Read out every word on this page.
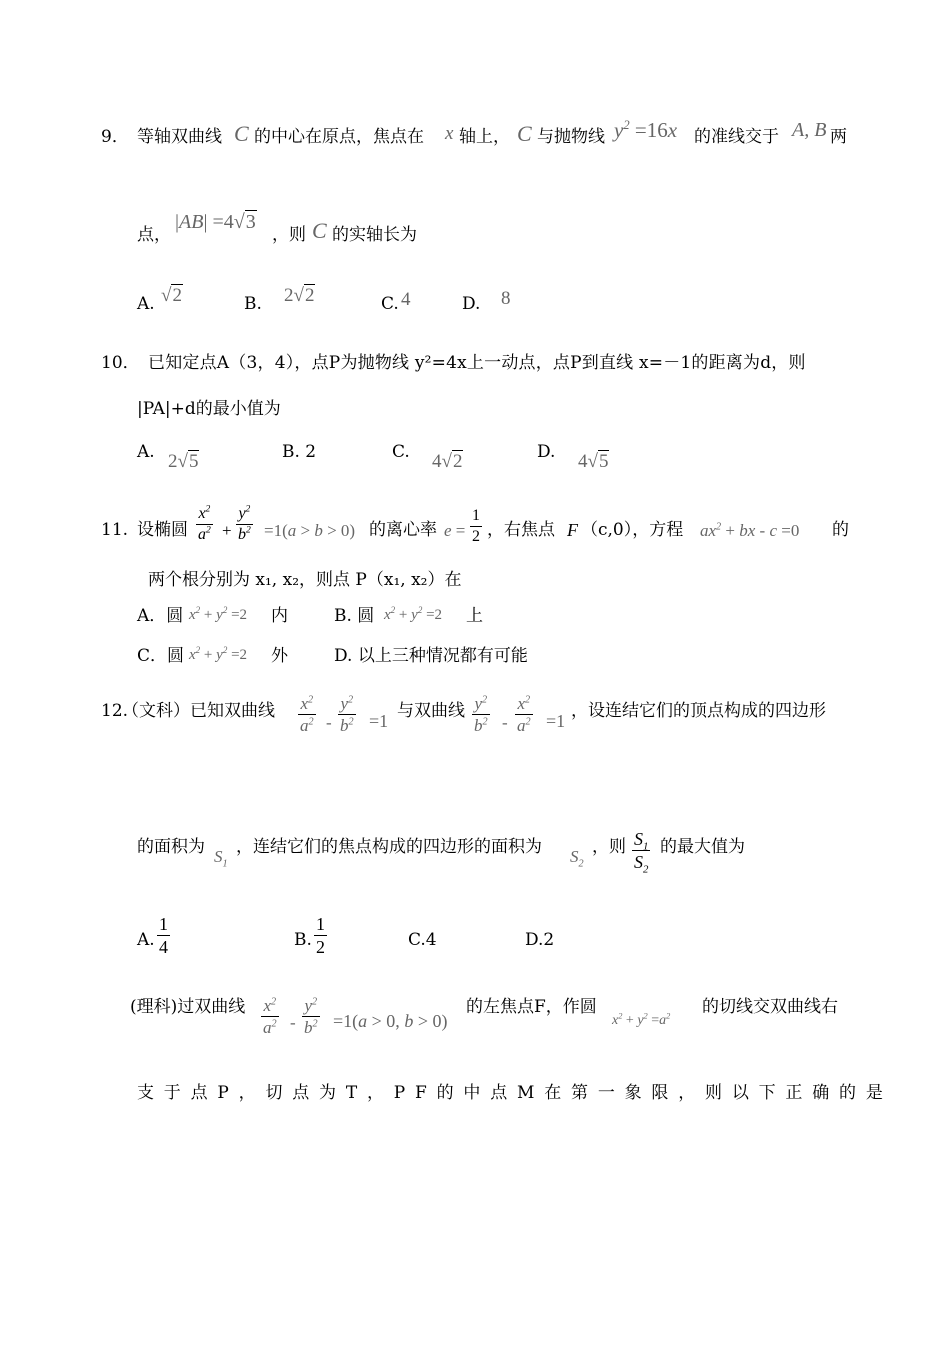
9． 等轴双曲线 C 的中心在原点，焦点在 x 轴上， C 与抛物线 $y^2 =16x$ 的准线交于 A, B 两
点，
|AB| =4√3
，则 C 的实轴长为
A. √2	B. 2√2	C. 4	D. 8
10． 已知定点A（3，4），点P为抛物线 y²=4x上一动点，点P到直线 x=－1的距离为d，则
|PA|+d的最小值为
A. 2√5	B. 2	C. 4√2	D. 4√5
11. 设椭圆
$x^2$
$a^2$ +
$y^2$
$b^2 =1(a > b > 0)$ 的离心率 e =
1
2 ，右焦点 F （c,0），方程 $ax^2$ + bx - c =0 的
两个根分别为 x₁, x₂，则点 P（x₁, x₂）在
A．圆 $x^2 + y^2 =2$ 内	B. 圆 $x^2 + y^2 =2$ 上
C．圆 $x^2 + y^2 =2$ 外	D. 以上三种情况都有可能
12.
（文科）已知双曲线 $x^2$
$a^2$ -
$y^2$
$b^2 =1$ 与双曲线 $y^2$
$b^2$ -
$x^2$
$a^2 =1$ ，设连结它们的顶点构成的四边形
的面积为 $S_1$
，连结它们的焦点构成的四边形的面积为 $S_2$
，则 $S_1$
$S_2$
的最大值为
A.
1
4	B.
1
2	C.4	D.2
(理科)过双曲线 $x^2$
$a^2$ -
$y^2$
$b^2 =1(a > 0$, b > 0)
的左焦点F，作圆
$x^2 + y^2 =a^2$ 的切线交双曲线右
支于点P，切点为T，PF的中点M在第一象限，则以下正确的是
